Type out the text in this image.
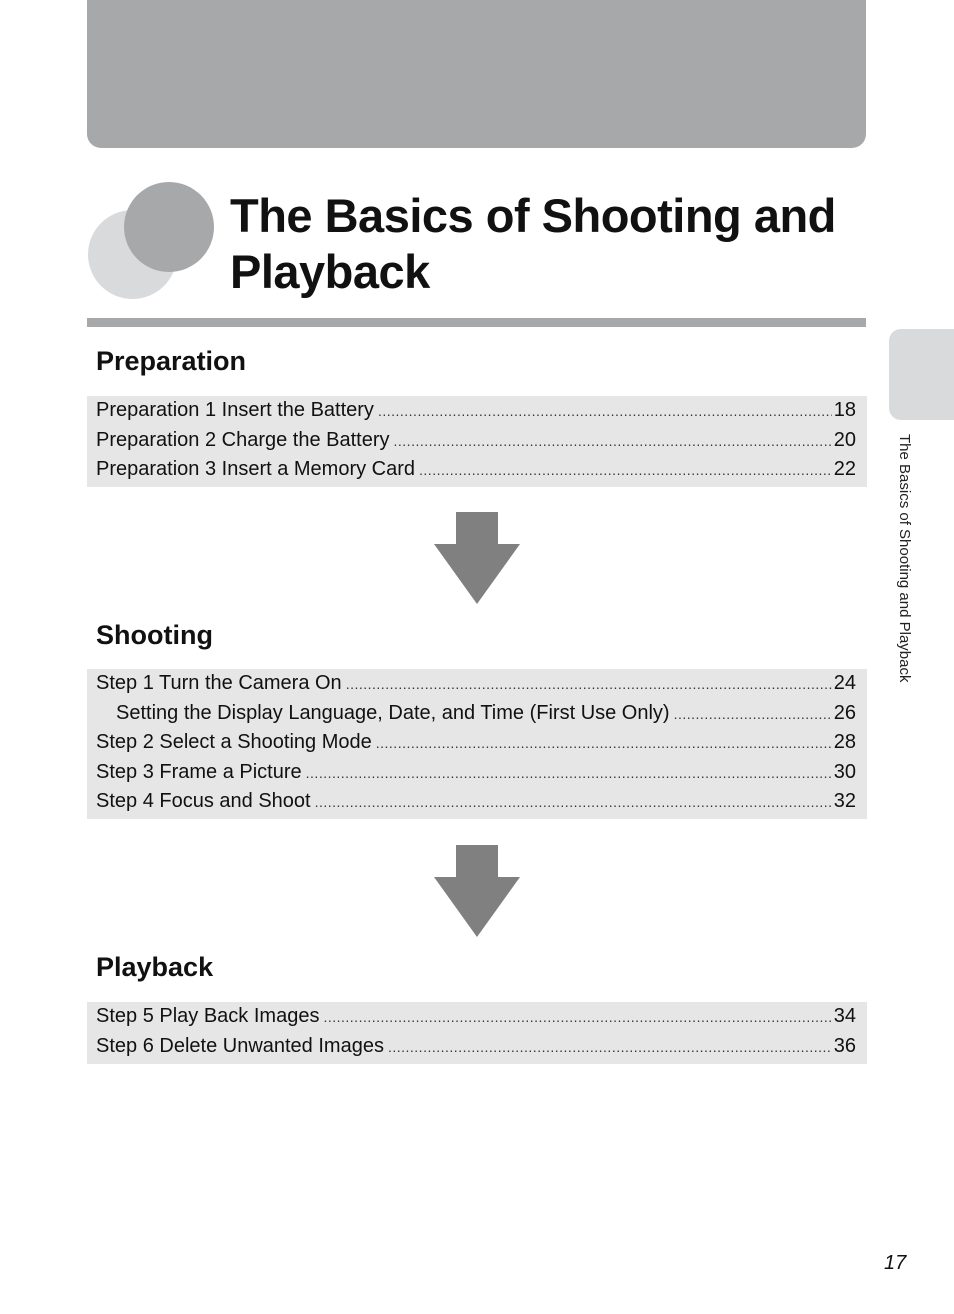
The Basics of Shooting and Playback
Preparation
Preparation 1 Insert the Battery .....	18
Preparation 2 Charge the Battery .....	20
Preparation 3 Insert a Memory Card .....	22
Shooting
Step 1 Turn the Camera On .....	24
Setting the Display Language, Date, and Time (First Use Only) .....	26
Step 2 Select a Shooting Mode .....	28
Step 3 Frame a Picture .....	30
Step 4 Focus and Shoot .....	32
Playback
Step 5 Play Back Images .....	34
Step 6 Delete Unwanted Images .....	36
The Basics of Shooting and Playback
17
